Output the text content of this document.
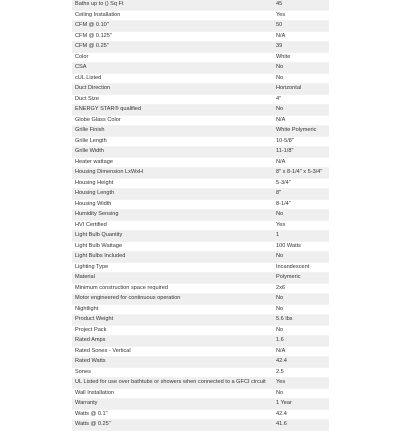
Baths up to () Sq Ft	45
Ceiling Installation	Yes
CFM @ 0.10"	50
CFM @ 0.125"	N/A
CFM @ 0.25"	39
Color	White
CSA	No
cUL Listed	No
Duct Direction	Horizontal
Duct Size	4"
ENERGY STAR® qualified	No
Globe Glass Color	N/A
Grille Finish	White Polymeric
Grille Length	10-5/8"
Grille Width	11-1/8"
Heater wattage	N/A
Housing Dimension LxWxH	8" x 8-1/4" x 5-3/4"
Housing Height	5-3/4"
Housing Length	8"
Housing Width	8-1/4"
Humidity Sensing	No
HVI Certified	Yes
Light Bulb Quantity	1
Light Bulb Wattage	100 Watts
Light Bulbs Included	No
Lighting Type	Incandescent
Material	Polymeric
Minimum construction space required	2x6
Motor engineered for continuous operation	No
Nightlight	No
Product Weight	5.6 lbs
Project Pack	No
Rated Amps	1.6
Rated Sones - Vertical	N/A
Rated Watts	42.4
Sones	2.5
UL Listed for use over bathtubs or showers when connected to a GFCI circuit	Yes
Wall Installation	No
Warranty	1 Year
Watts @ 0.1"	42.4
Watts @ 0.25"	41.6
